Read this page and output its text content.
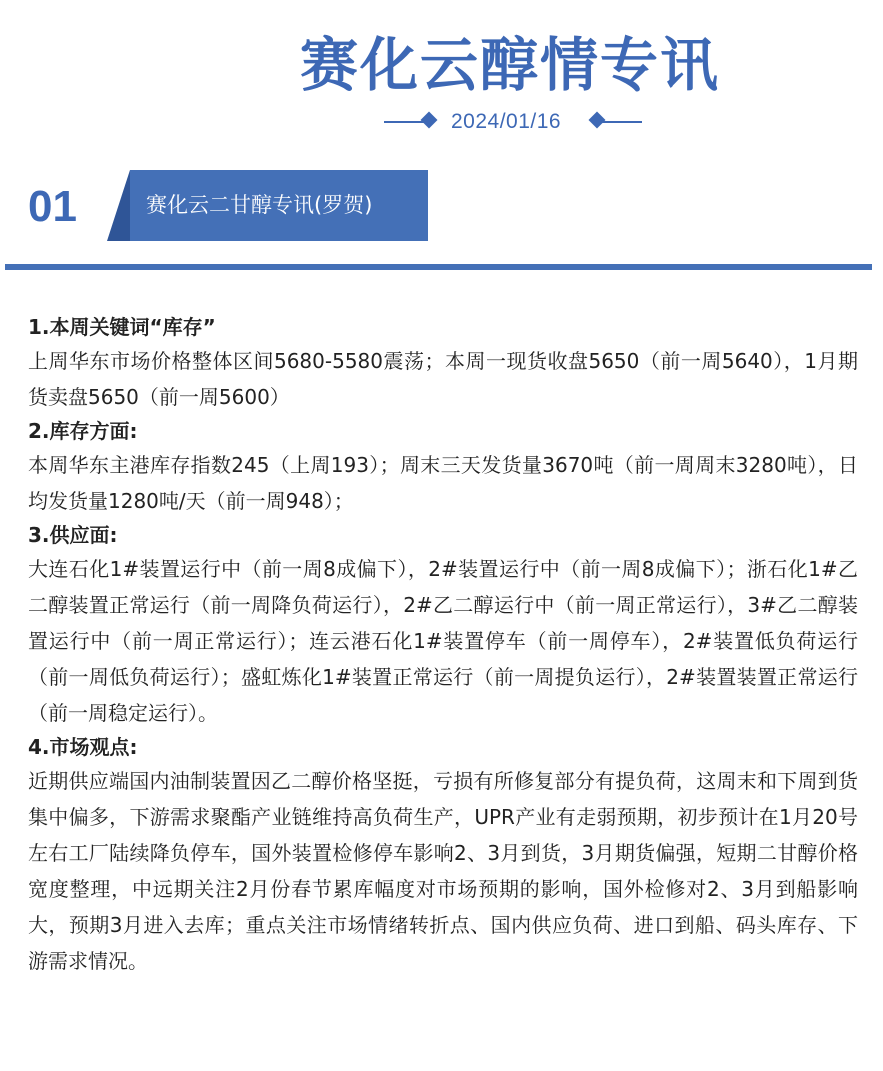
赛化云醇情专讯
2024/01/16
01	赛化云二甘醇专讯(罗贺)
1.本周关键词“库存”
上周华东市场价格整体区间5680-5580震荡；本周一现货收盘5650（前一周5640），1月期货卖盘5650（前一周5600）
2.库存方面:
本周华东主港库存指数245（上周193）；周末三天发货量3670吨（前一周周末3280吨），日均发货量1280吨/天（前一周948）；
3.供应面:
大连石化1#装置运行中（前一周8成偏下），2#装置运行中（前一周8成偏下）；浙石化1#乙二醇装置正常运行（前一周降负荷运行），2#乙二醇运行中（前一周正常运行），3#乙二醇装置运行中（前一周正常运行）；连云港石化1#装置停车（前一周停车），2#装置低负荷运行（前一周低负荷运行）；盛虹炼化1#装置正常运行（前一周提负运行），2#装置装置正常运行（前一周稳定运行）。
4.市场观点:
近期供应端国内油制装置因乙二醇价格坚挺，亏损有所修复部分有提负荷，这周末和下周到货集中偏多，下游需求聚酯产业链维持高负荷生产，UPR产业有走弱预期，初步预计在1月20号左右工厂陆续降负停车，国外装置检修停车影响2、3月到货，3月期货偏强，短期二甘醇价格宽度整理，中远期关注2月份春节累库幅度对市场预期的影响，国外检修对2、3月到船影响大，预期3月进入去库；重点关注市场情绪转折点、国内供应负荷、进口到船、码头库存、下游需求情况。
